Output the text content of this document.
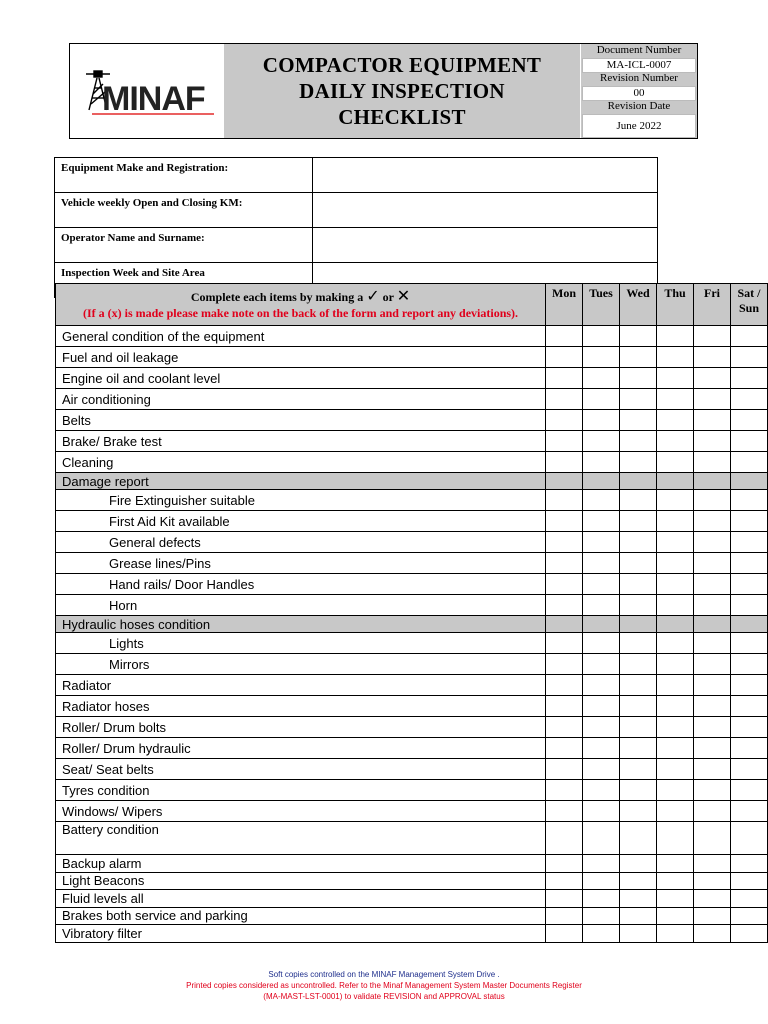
MINAF
COMPACTOR EQUIPMENT
DAILY INSPECTION
CHECKLIST
Document Number
MA-ICL-0007
Revision Number
00
Revision Date
June 2022
Equipment Make and Registration:	
Vehicle weekly Open and Closing KM:	
Operator Name and Surname:	
Inspection Week and Site Area	
Complete each items by making a ✓ or ✕
(If a (x) is made please make note on the back of the form and report any deviations).	Mon	Tues	Wed	Thu	Fri	Sat / Sun
General condition of the equipment						
Fuel and oil leakage						
Engine oil and coolant level						
Air conditioning						
Belts						
Brake/ Brake test						
Cleaning						
Damage report						
Fire Extinguisher suitable						
First Aid Kit available						
General defects						
Grease lines/Pins						
Hand rails/ Door Handles						
Horn						
Hydraulic hoses condition						
Lights						
Mirrors						
Radiator						
Radiator hoses						
Roller/ Drum bolts						
Roller/ Drum hydraulic						
Seat/ Seat belts						
Tyres condition						
Windows/ Wipers						
Battery condition						
Backup alarm						
Light Beacons						
Fluid levels all						
Brakes both service and parking						
Vibratory filter						
Soft copies controlled on the MINAF Management System Drive .
Printed copies considered as uncontrolled. Refer to the Minaf Management System Master Documents Register
(MA-MAST-LST-0001) to validate REVISION and APPROVAL status
